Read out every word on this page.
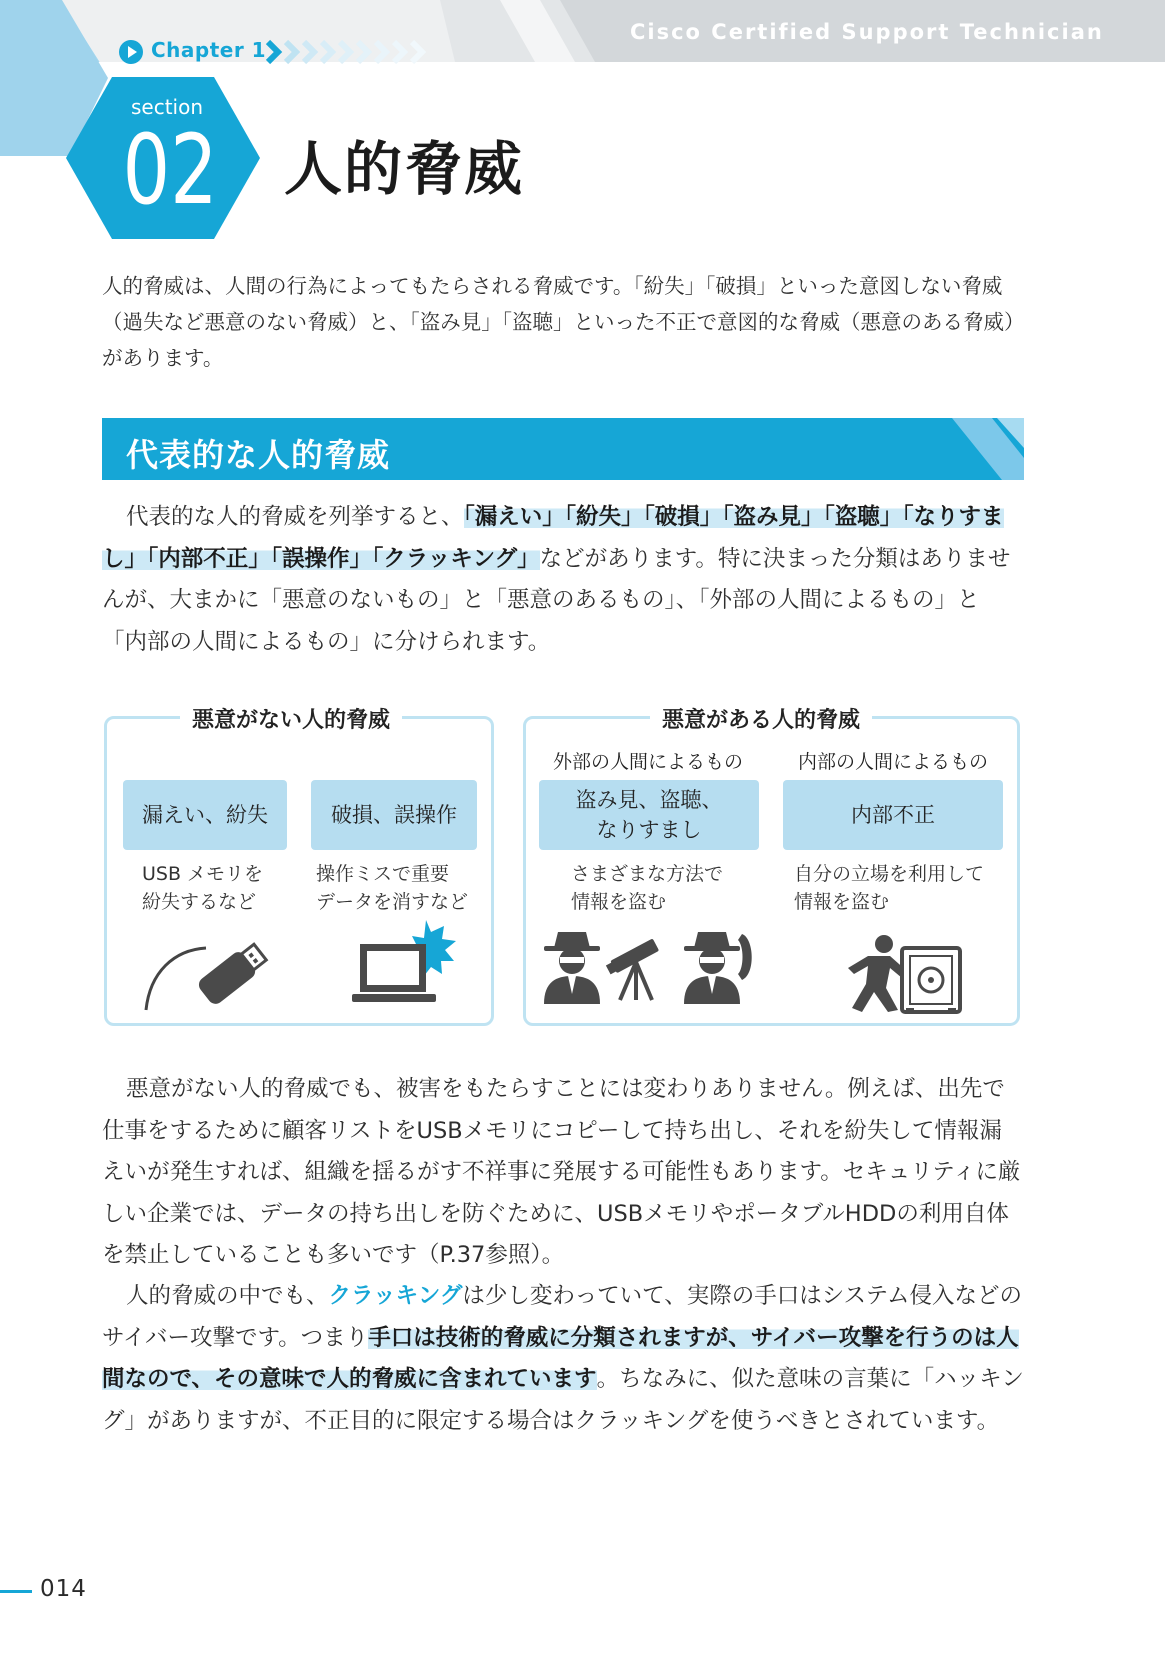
Chapter 1
Cisco Certified Support Technician
section
02 人的脅威
人的脅威は、人間の行為によってもたらされる脅威です。「紛失」「破損」といった意図しない脅威（過失など悪意のない脅威）と、「盗み見」「盗聴」といった不正で意図的な脅威（悪意のある脅威）があります。
代表的な人的脅威
代表的な人的脅威を列挙すると、「漏えい」「紛失」「破損」「盗み見」「盗聴」「なりすまし」「内部不正」「誤操作」「クラッキング」などがあります。特に決まった分類はありませんが、大まかに「悪意のないもの」と「悪意のあるもの」、「外部の人間によるもの」と「内部の人間によるもの」に分けられます。
悪意がない人的脅威
漏えい、紛失	破損、誤操作
USB メモリを
紛失するなど
操作ミスで重要
データを消すなど
悪意がある人的脅威
外部の人間によるもの	内部の人間によるもの
盗み見、盗聴、
なりすまし
内部不正
さまざまな方法で
情報を盗む
自分の立場を利用して
情報を盗む
悪意がない人的脅威でも、被害をもたらすことには変わりありません。例えば、出先で仕事をするために顧客リストをUSBメモリにコピーして持ち出し、それを紛失して情報漏えいが発生すれば、組織を揺るがす不祥事に発展する可能性もあります。セキュリティに厳しい企業では、データの持ち出しを防ぐために、USBメモリやポータブルHDDの利用自体を禁止していることも多いです（P.37参照）。
人的脅威の中でも、クラッキングは少し変わっていて、実際の手口はシステム侵入などのサイバー攻撃です。つまり手口は技術的脅威に分類されますが、サイバー攻撃を行うのは人間なので、その意味で人的脅威に含まれています。ちなみに、似た意味の言葉に「ハッキング」がありますが、不正目的に限定する場合はクラッキングを使うべきとされています。
014
